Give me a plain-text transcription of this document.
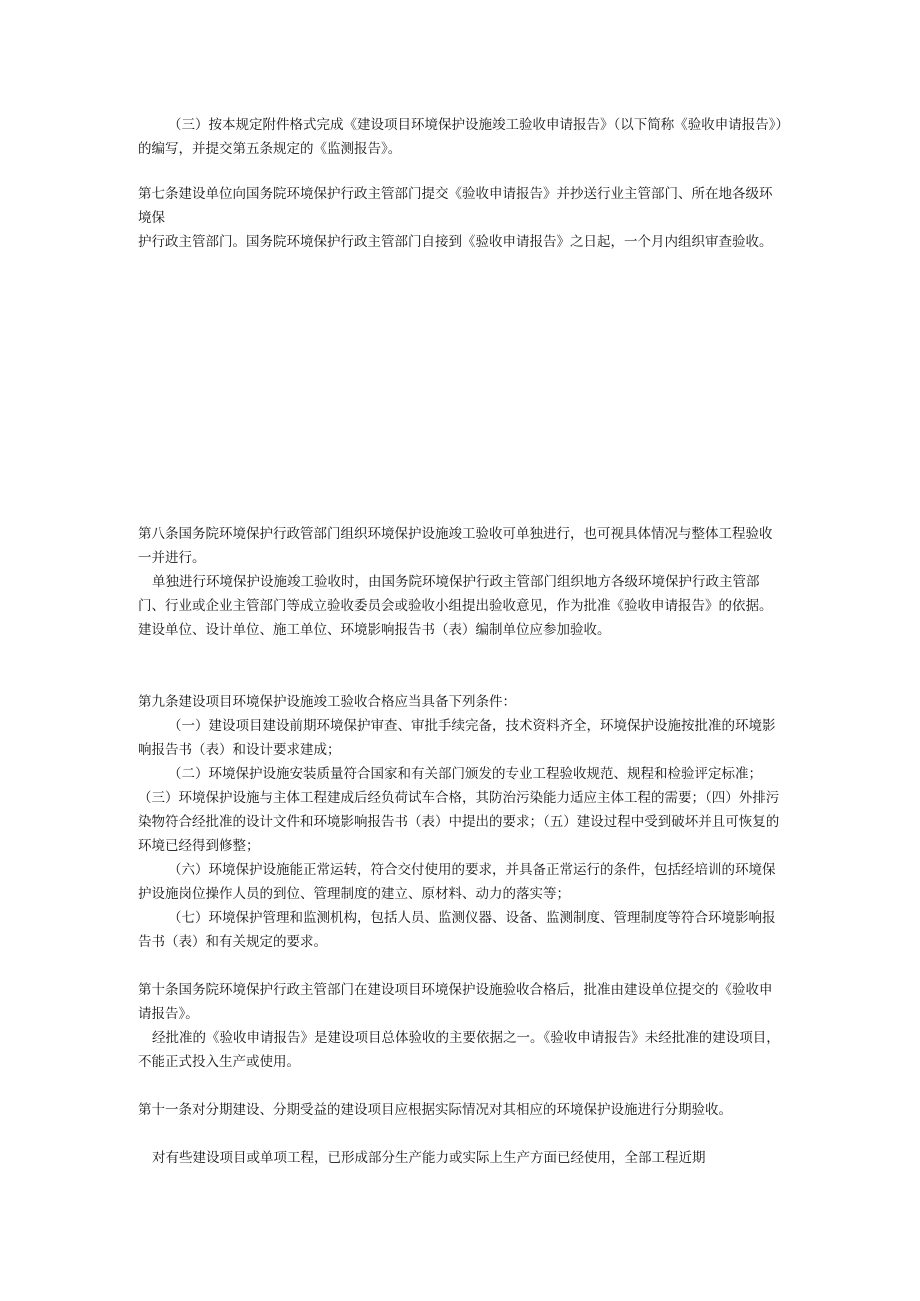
（三）按本规定附件格式完成《建设项目环境保护设施竣工验收申请报告》（以下简称《验收申请报告》）的编写，并提交第五条规定的《监测报告》。

第七条建设单位向国务院环境保护行政主管部门提交《验收申请报告》并抄送行业主管部门、所在地各级环境保
护行政主管部门。国务院环境保护行政主管部门自接到《验收申请报告》之日起，一个月内组织审查验收。

第八条国务院环境保护行政管部门组织环境保护设施竣工验收可单独进行，也可视具体情况与整体工程验收一并进行。

单独进行环境保护设施竣工验收时，由国务院环境保护行政主管部门组织地方各级环境保护行政主管部门、行业或企业主管部门等成立验收委员会或验收小组提出验收意见，作为批准《验收申请报告》的依据。建设单位、设计单位、施工单位、环境影响报告书（表）编制单位应参加验收。

第九条建设项目环境保护设施竣工验收合格应当具备下列条件：

（一）建设项目建设前期环境保护审查、审批手续完备，技术资料齐全，环境保护设施按批准的环境影响报告书（表）和设计要求建成；

（二）环境保护设施安装质量符合国家和有关部门颁发的专业工程验收规范、规程和检验评定标准；（三）环境保护设施与主体工程建成后经负荷试车合格，其防治污染能力适应主体工程的需要；（四）外排污染物符合经批准的设计文件和环境影响报告书（表）中提出的要求；（五）建设过程中受到破坏并且可恢复的环境已经得到修整；

（六）环境保护设施能正常运转，符合交付使用的要求，并具备正常运行的条件，包括经培训的环境保护设施岗位操作人员的到位、管理制度的建立、原材料、动力的落实等；

（七）环境保护管理和监测机构，包括人员、监测仪器、设备、监测制度、管理制度等符合环境影响报告书（表）和有关规定的要求。

第十条国务院环境保护行政主管部门在建设项目环境保护设施验收合格后，批准由建设单位提交的《验收申请报告》。

经批准的《验收申请报告》是建设项目总体验收的主要依据之一。《验收申请报告》未经批准的建设项目，不能正式投入生产或使用。

第十一条对分期建设、分期受益的建设项目应根据实际情况对其相应的环境保护设施进行分期验收。

对有些建设项目或单项工程，已形成部分生产能力或实际上生产方面已经使用，全部工程近期
